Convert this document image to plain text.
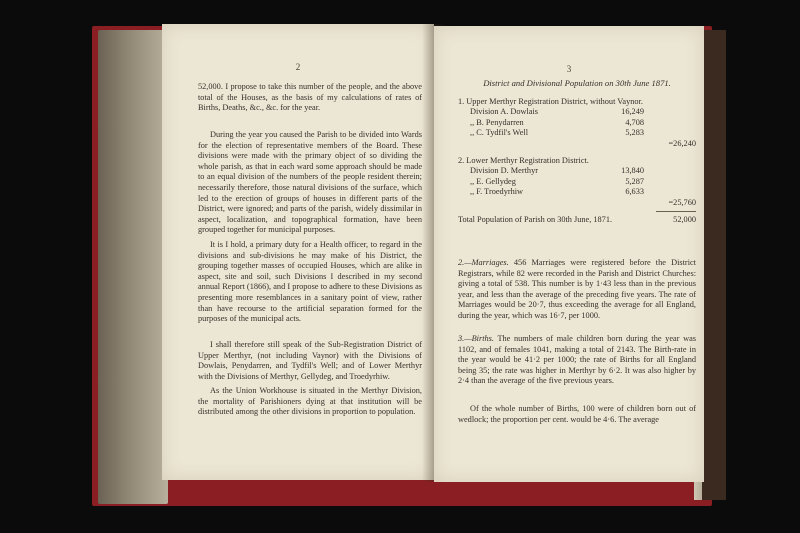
2

52,000. I propose to take this number of the people, and the above total of the Houses, as the basis of my calculations of rates of Births, Deaths, &c., &c. for the year.

During the year you caused the Parish to be divided into Wards for the election of representative members of the Board. These divisions were made with the primary object of so dividing the whole parish, as that in each ward some approach should be made to an equal division of the numbers of the people resident therein; necessarily therefore, those natural divisions of the surface, which led to the erection of groups of houses in different parts of the District, were ignored; and parts of the parish, widely dissimilar in aspect, localization, and topographical formation, have been grouped together for municipal purposes.

It is I hold, a primary duty for a Health officer, to regard in the divisions and sub-divisions he may make of his District, the grouping together masses of occupied Houses, which are alike in aspect, site and soil, such Divisions I described in my second annual Report (1866), and I propose to adhere to these Divisions as presenting more resemblances in a sanitary point of view, rather than have recourse to the artificial separation formed for the purposes of the municipal acts.

I shall therefore still speak of the Sub-Registration District of Upper Merthyr, (not including Vaynor) with the Divisions of Dowlais, Penydarren, and Tydfil's Well; and of Lower Merthyr with the Divisions of Merthyr, Gellydeg, and Troedyrhiw.

As the Union Workhouse is situated in the Merthyr Division, the mortality of Parishioners dying at that institution will be distributed among the other divisions in proportion to population.

3
District and Divisional Population on 30th June 1871.
1. Upper Merthyr Registration District, without Vaynor.
Division A. Dowlais	16,249
,, B. Penydarren	4,708
,, C. Tydfil's Well	5,283
=26,240
2. Lower Merthyr Registration District.
Division D. Merthyr	13,840
,, E. Gellydeg	5,287
,, F. Troedyrhiw	6,633
=25,760
Total Population of Parish on 30th June, 1871.	52,000

2.—Marriages. 456 Marriages were registered before the District Registrars, while 82 were recorded in the Parish and District Churches: giving a total of 538. This number is by 1·43 less than in the previous year, and less than the average of the preceding five years. The rate of Marriages would be 20·7, thus exceeding the average for all England, during the year, which was 16·7, per 1000.

3.—Births. The numbers of male children born during the year was 1102, and of females 1041, making a total of 2143. The Birth-rate in the year would be 41·2 per 1000; the rate of Births for all England being 35; the rate was higher in Merthyr by 6·2. It was also higher by 2·4 than the average of the five previous years.

Of the whole number of Births, 100 were of children born out of wedlock; the proportion per cent. would be 4·6. The average
